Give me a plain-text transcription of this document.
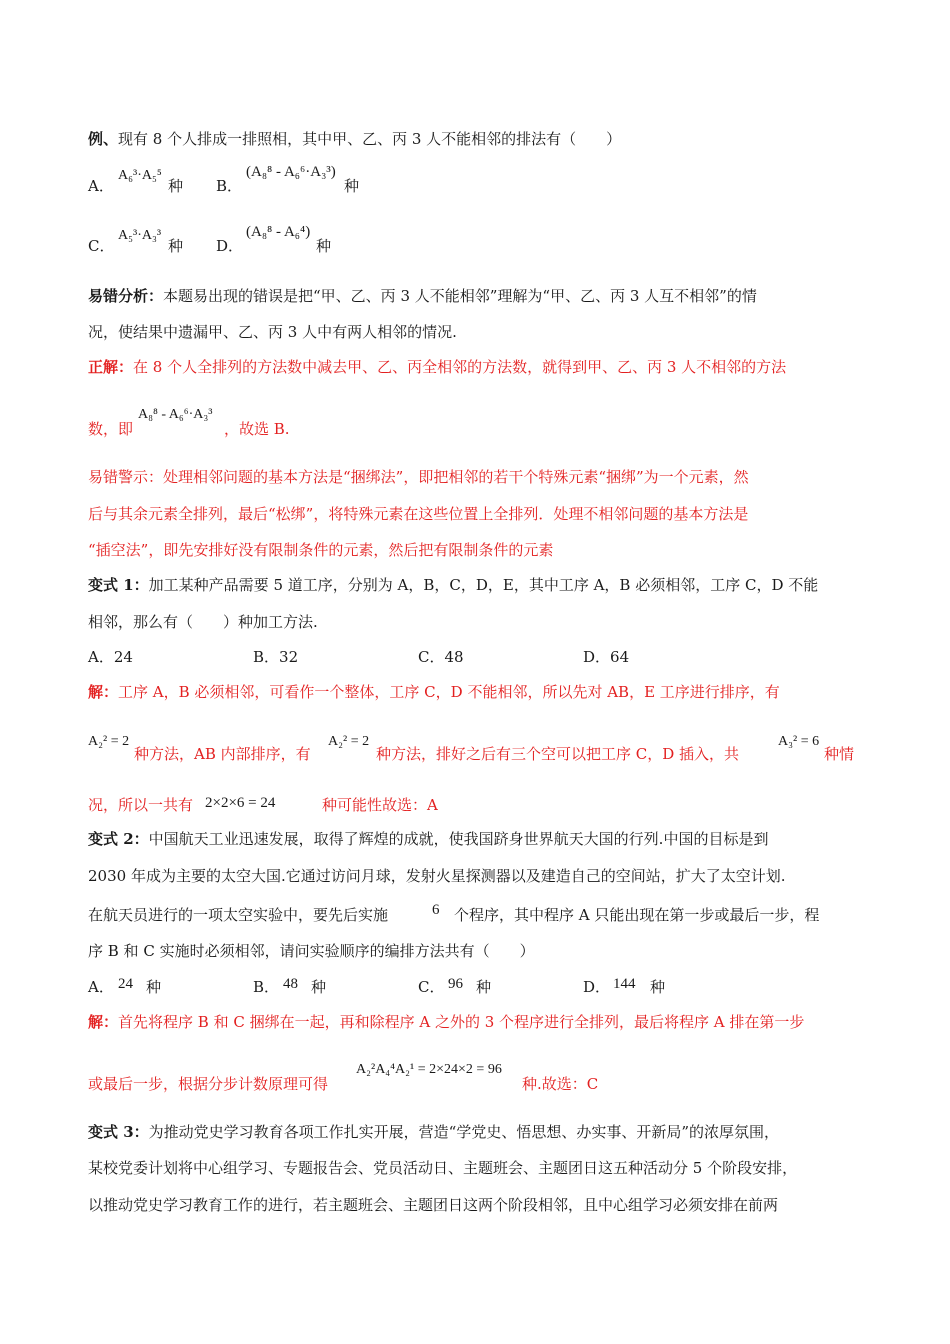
例、现有 8 个人排成一排照相，其中甲、乙、丙 3 人不能相邻的排法有（　　）
A．
A₆³·A₅⁵
种 B．
(A₈⁸ - A₆⁶·A₃³)
种
C．
A₅³·A₃³
种 D．
(A₈⁸ - A₆⁴)
种
易错分析：本题易出现的错误是把“甲、乙、丙 3 人不能相邻”理解为“甲、乙、丙 3 人互不相邻”的情
况，使结果中遗漏甲、乙、丙 3 人中有两人相邻的情况.
正解：在 8 个人全排列的方法数中减去甲、乙、丙全相邻的方法数，就得到甲、乙、丙 3 人不相邻的方法
数，即
A₈⁸ - A₆⁶·A₃³
，故选 B.
易错警示：处理相邻问题的基本方法是“捆绑法”，即把相邻的若干个特殊元素“捆绑”为一个元素，然
后与其余元素全排列，最后“松绑”，将特殊元素在这些位置上全排列．处理不相邻问题的基本方法是
“插空法”，即先安排好没有限制条件的元素，然后把有限制条件的元素
变式 1：加工某种产品需要 5 道工序，分别为 A，B，C，D，E，其中工序 A，B 必须相邻，工序 C，D 不能
相邻，那么有（　　）种加工方法.
A．24	B．32	C．48	D．64
解：工序 A，B 必须相邻，可看作一个整体，工序 C，D 不能相邻，所以先对 AB，E 工序进行排序，有
A₂² = 2
种方法，AB 内部排序，有
A₂² = 2
种方法，排好之后有三个空可以把工序 C，D 插入，共
A₃² = 6
种情
况，所以一共有 2×2×6 = 24	种可能性故选：A
变式 2：中国航天工业迅速发展，取得了辉煌的成就，使我国跻身世界航天大国的行列.中国的目标是到
2030 年成为主要的太空大国.它通过访问月球，发射火星探测器以及建造自己的空间站，扩大了太空计划.
在航天员进行的一项太空实验中，要先后实施	6 个程序，其中程序 A 只能出现在第一步或最后一步，程
序 B 和 C 实施时必须相邻，请问实验顺序的编排方法共有（　　）
A． 24 种	B． 48 种	C． 96 种	D． 144 种
解：首先将程序 B 和 C 捆绑在一起，再和除程序 A 之外的 3 个程序进行全排列，最后将程序 A 排在第一步
或最后一步，根据分步计数原理可得
A₂²A₄⁴A₂¹ = 2×24×2 = 96
种.故选：C
变式 3：为推动党史学习教育各项工作扎实开展，营造“学党史、悟思想、办实事、开新局”的浓厚氛围，
某校党委计划将中心组学习、专题报告会、党员活动日、主题班会、主题团日这五种活动分 5 个阶段安排，
以推动党史学习教育工作的进行，若主题班会、主题团日这两个阶段相邻，且中心组学习必须安排在前两
